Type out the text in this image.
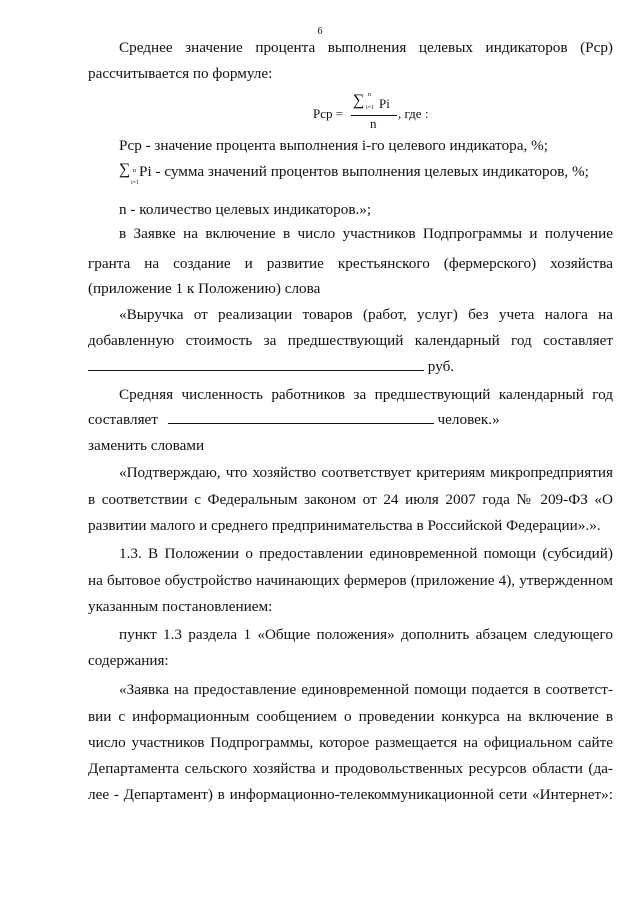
6
Среднее значение процента выполнения целевых индикаторов (Рср)
рассчитывается по формуле:
Рср =
∑ n
i=1 Pi
n
, где :
Рср - значение процента выполнения i-го целевого индикатора, %;
∑ n
i=1
Pi - сумма значений процентов выполнения целевых индикаторов, %;
n - количество целевых индикаторов.»;
в Заявке на включение в число участников Подпрограммы и получение
гранта на создание и развитие крестьянского (фермерского) хозяйства
(приложение 1 к Положению) слова
«Выручка от реализации товаров (работ, услуг) без учета налога на
добавленную стоимость за предшествующий календарный год составляет
руб.
Средняя численность работников за предшествующий календарный год
составляет	человек.»
заменить словами
«Подтверждаю, что хозяйство соответствует критериям микропредприятия
в соответствии с Федеральным законом от 24 июля 2007 года № 209-ФЗ «О
развитии малого и среднего предпринимательства в Российской Федерации».».
1.3. В Положении о предоставлении единовременной помощи (субсидий)
на бытовое обустройство начинающих фермеров (приложение 4), утвержденном
указанным постановлением:
пункт 1.3 раздела 1 «Общие положения» дополнить абзацем следующего
содержания:
«Заявка на предоставление единовременной помощи подается в соответст-
вии с информационным сообщением о проведении конкурса на включение в
число участников Подпрограммы, которое размещается на официальном сайте
Департамента сельского хозяйства и продовольственных ресурсов области (да-
лее - Департамент) в информационно-телекоммуникационной сети «Интернет»:
